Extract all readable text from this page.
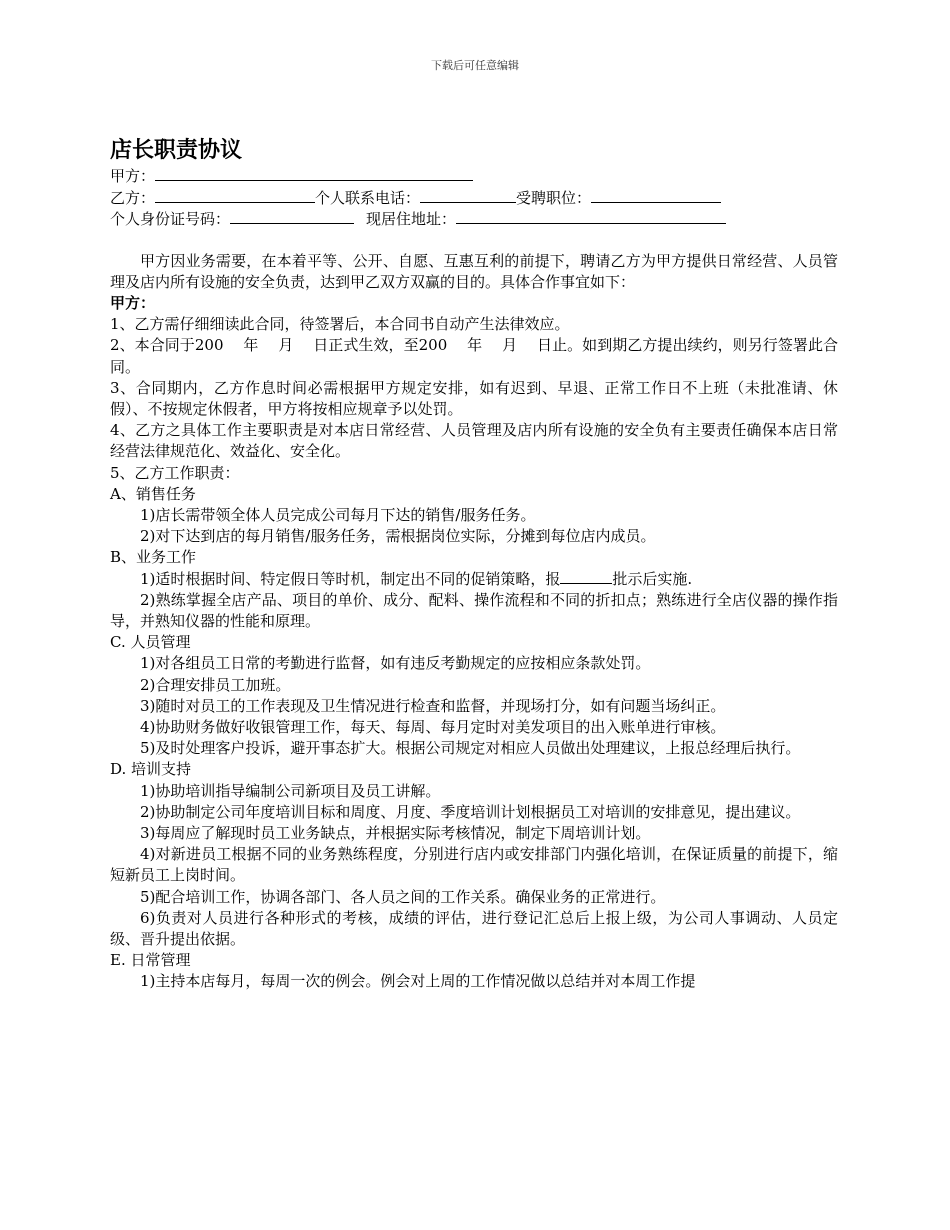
下载后可任意编辑
店长职责协议
甲方：
乙方：	个人联系电话：	受聘职位：
个人身份证号码：	现居住地址：

甲方因业务需要，在本着平等、公开、自愿、互惠互利的前提下，聘请乙方为甲方提供日常经营、人员管理及店内所有设施的安全负责，达到甲乙双方双赢的目的。具体合作事宜如下：

甲方：

1、乙方需仔细细读此合同，待签署后，本合同书自动产生法律效应。

2、本合同于200　 年　 月　 日正式生效，至200　 年　 月　 日止。如到期乙方提出续约，则另行签署此合同。

3、合同期内，乙方作息时间必需根据甲方规定安排，如有迟到、早退、正常工作日不上班（未批准请、休假）、不按规定休假者，甲方将按相应规章予以处罚。

4、乙方之具体工作主要职责是对本店日常经营、人员管理及店内所有设施的安全负有主要责任确保本店日常经营法律规范化、效益化、安全化。

5、乙方工作职责：

A、销售任务

1)店长需带领全体人员完成公司每月下达的销售/服务任务。

2)对下达到店的每月销售/服务任务，需根据岗位实际，分摊到每位店内成员。

B、业务工作

1)适时根据时间、特定假日等时机，制定出不同的促销策略，报	批示后实施.

2)熟练掌握全店产品、项目的单价、成分、配料、操作流程和不同的折扣点；熟练进行全店仪器的操作指导，并熟知仪器的性能和原理。

C. 人员管理

1)对各组员工日常的考勤进行监督，如有违反考勤规定的应按相应条款处罚。

2)合理安排员工加班。

3)随时对员工的工作表现及卫生情况进行检查和监督，并现场打分，如有问题当场纠正。

4)协助财务做好收银管理工作，每天、每周、每月定时对美发项目的出入账单进行审核。

5)及时处理客户投诉，避开事态扩大。根据公司规定对相应人员做出处理建议，上报总经理后执行。

D. 培训支持

1)协助培训指导编制公司新项目及员工讲解。

2)协助制定公司年度培训目标和周度、月度、季度培训计划根据员工对培训的安排意见，提出建议。

3)每周应了解现时员工业务缺点，并根据实际考核情况，制定下周培训计划。

4)对新进员工根据不同的业务熟练程度，分别进行店内或安排部门内强化培训，在保证质量的前提下，缩短新员工上岗时间。

5)配合培训工作，协调各部门、各人员之间的工作关系。确保业务的正常进行。

6)负责对人员进行各种形式的考核，成绩的评估，进行登记汇总后上报上级，为公司人事调动、人员定级、晋升提出依据。

E. 日常管理

1)主持本店每月，每周一次的例会。例会对上周的工作情况做以总结并对本周工作提
